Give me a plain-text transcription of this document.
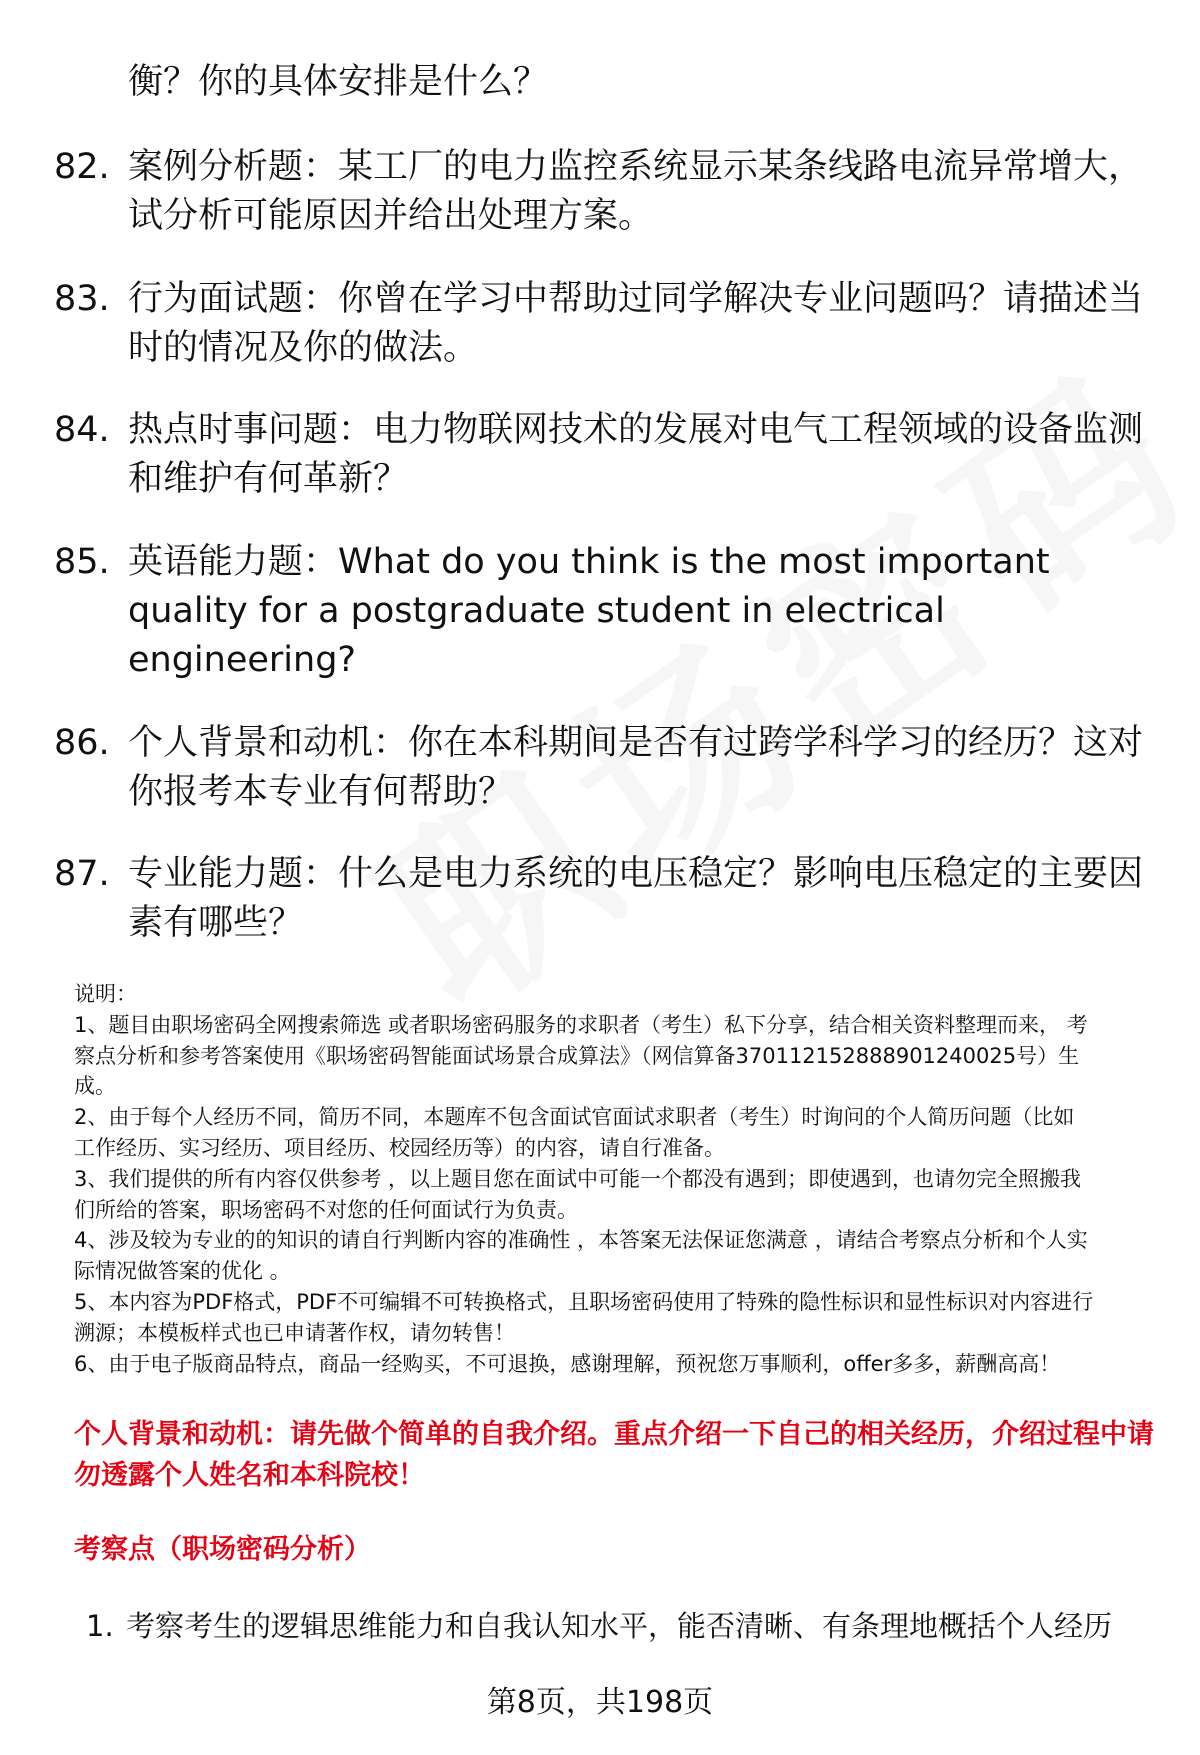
衡？你的具体安排是什么？
82. 案例分析题：某工厂的电力监控系统显示某条线路电流异常增大，试分析可能原因并给出处理方案。
83. 行为面试题：你曾在学习中帮助过同学解决专业问题吗？请描述当时的情况及你的做法。
84. 热点时事问题：电力物联网技术的发展对电气工程领域的设备监测和维护有何革新？
85. 英语能力题：What do you think is the most important quality for a postgraduate student in electrical engineering?
86. 个人背景和动机：你在本科期间是否有过跨学科学习的经历？这对你报考本专业有何帮助？
87. 专业能力题：什么是电力系统的电压稳定？影响电压稳定的主要因素有哪些？
说明：
1、题目由职场密码全网搜索筛选 或者职场密码服务的求职者（考生）私下分享，结合相关资料整理而来， 考
察点分析和参考答案使用《职场密码智能面试场景合成算法》（网信算备370112152888901240025号）生
成。
2、由于每个人经历不同，简历不同，本题库不包含面试官面试求职者（考生）时询问的个人简历问题（比如
工作经历、实习经历、项目经历、校园经历等）的内容，请自行准备。
3、我们提供的所有内容仅供参考 ，以上题目您在面试中可能一个都没有遇到；即使遇到，也请勿完全照搬我
们所给的答案，职场密码不对您的任何面试行为负责。
4、涉及较为专业的的知识的请自行判断内容的准确性 ，本答案无法保证您满意 ，请结合考察点分析和个人实
际情况做答案的优化 。
5、本内容为PDF格式，PDF不可编辑不可转换格式，且职场密码使用了特殊的隐性标识和显性标识对内容进行
溯源；本模板样式也已申请著作权，请勿转售！
6、由于电子版商品特点，商品一经购买，不可退换，感谢理解，预祝您万事顺利，offer多多，薪酬高高！
个人背景和动机：请先做个简单的自我介绍。重点介绍一下自己的相关经历，介绍过程中请勿透露个人姓名和本科院校！
考察点（职场密码分析）
1. 考察考生的逻辑思维能力和自我认知水平，能否清晰、有条理地概括个人经历
第8页，共198页
